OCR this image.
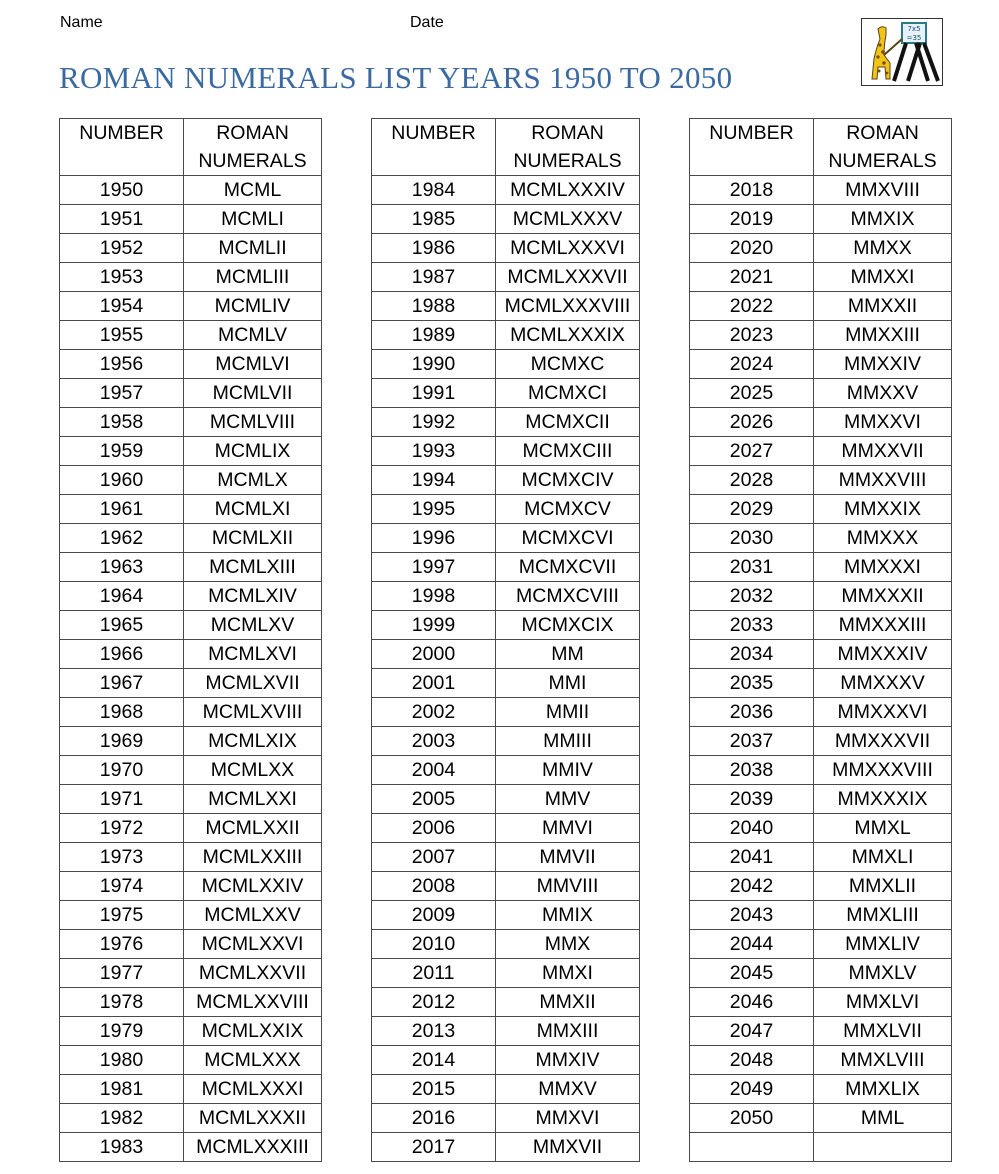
Name	Date
ROMAN NUMERALS LIST YEARS 1950 TO 2050
7x5
=35
NUMBER	ROMAN
NUMERALS
1950	MCML
1951	MCMLI
1952	MCMLII
1953	MCMLIII
1954	MCMLIV
1955	MCMLV
1956	MCMLVI
1957	MCMLVII
1958	MCMLVIII
1959	MCMLIX
1960	MCMLX
1961	MCMLXI
1962	MCMLXII
1963	MCMLXIII
1964	MCMLXIV
1965	MCMLXV
1966	MCMLXVI
1967	MCMLXVII
1968	MCMLXVIII
1969	MCMLXIX
1970	MCMLXX
1971	MCMLXXI
1972	MCMLXXII
1973	MCMLXXIII
1974	MCMLXXIV
1975	MCMLXXV
1976	MCMLXXVI
1977	MCMLXXVII
1978	MCMLXXVIII
1979	MCMLXXIX
1980	MCMLXXX
1981	MCMLXXXI
1982	MCMLXXXII
1983	MCMLXXXIII
NUMBER	ROMAN
NUMERALS
1984	MCMLXXXIV
1985	MCMLXXXV
1986	MCMLXXXVI
1987	MCMLXXXVII
1988	MCMLXXXVIII
1989	MCMLXXXIX
1990	MCMXC
1991	MCMXCI
1992	MCMXCII
1993	MCMXCIII
1994	MCMXCIV
1995	MCMXCV
1996	MCMXCVI
1997	MCMXCVII
1998	MCMXCVIII
1999	MCMXCIX
2000	MM
2001	MMI
2002	MMII
2003	MMIII
2004	MMIV
2005	MMV
2006	MMVI
2007	MMVII
2008	MMVIII
2009	MMIX
2010	MMX
2011	MMXI
2012	MMXII
2013	MMXIII
2014	MMXIV
2015	MMXV
2016	MMXVI
2017	MMXVII
NUMBER	ROMAN
NUMERALS
2018	MMXVIII
2019	MMXIX
2020	MMXX
2021	MMXXI
2022	MMXXII
2023	MMXXIII
2024	MMXXIV
2025	MMXXV
2026	MMXXVI
2027	MMXXVII
2028	MMXXVIII
2029	MMXXIX
2030	MMXXX
2031	MMXXXI
2032	MMXXXII
2033	MMXXXIII
2034	MMXXXIV
2035	MMXXXV
2036	MMXXXVI
2037	MMXXXVII
2038	MMXXXVIII
2039	MMXXXIX
2040	MMXL
2041	MMXLI
2042	MMXLII
2043	MMXLIII
2044	MMXLIV
2045	MMXLV
2046	MMXLVI
2047	MMXLVII
2048	MMXLVIII
2049	MMXLIX
2050	MML
